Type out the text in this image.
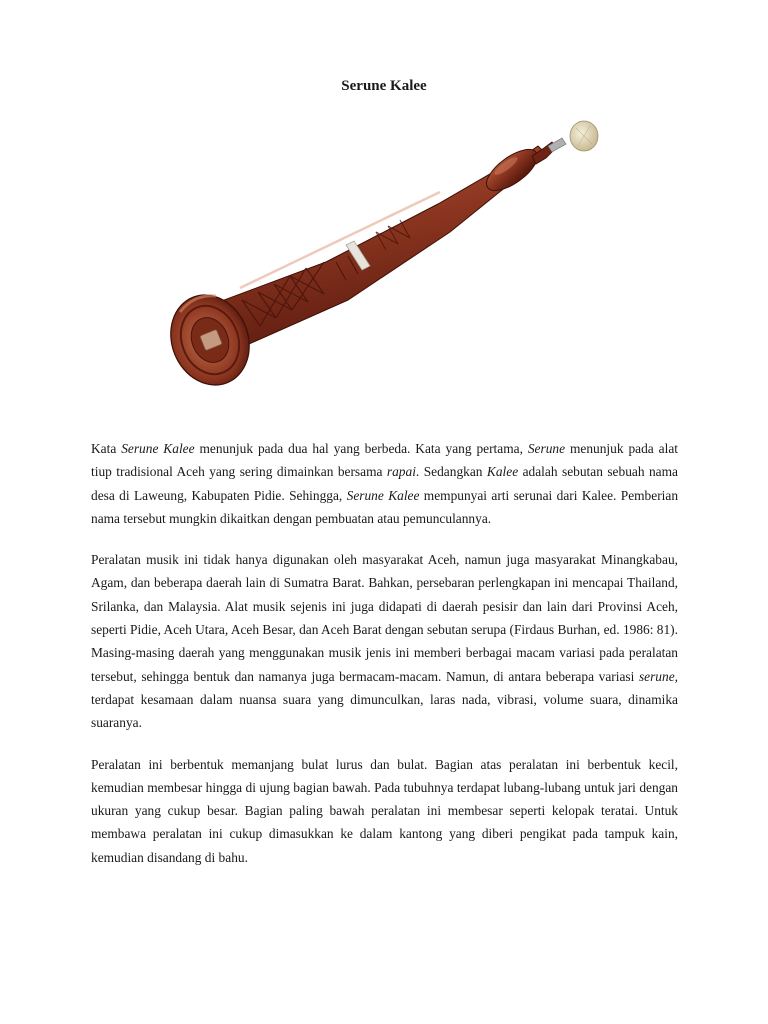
Serune Kalee

Kata Serune Kalee menunjuk pada dua hal yang berbeda. Kata yang pertama, Serune menunjuk pada alat tiup tradisional Aceh yang sering dimainkan bersama rapai. Sedangkan Kalee adalah sebutan sebuah nama desa di Laweung, Kabupaten Pidie. Sehingga, Serune Kalee mempunyai arti serunai dari Kalee. Pemberian nama tersebut mungkin dikaitkan dengan pembuatan atau pemunculannya.

Peralatan musik ini tidak hanya digunakan oleh masyarakat Aceh, namun juga masyarakat Minangkabau, Agam, dan beberapa daerah lain di Sumatra Barat. Bahkan, persebaran perlengkapan ini mencapai Thailand, Srilanka, dan Malaysia. Alat musik sejenis ini juga didapati di daerah pesisir dan lain dari Provinsi Aceh, seperti Pidie, Aceh Utara, Aceh Besar, dan Aceh Barat dengan sebutan serupa (Firdaus Burhan, ed. 1986: 81). Masing-masing daerah yang menggunakan musik jenis ini memberi berbagai macam variasi pada peralatan tersebut, sehingga bentuk dan namanya juga bermacam-macam. Namun, di antara beberapa variasi serune, terdapat kesamaan dalam nuansa suara yang dimunculkan, laras nada, vibrasi, volume suara, dinamika suaranya.

Peralatan ini berbentuk memanjang bulat lurus dan bulat. Bagian atas peralatan ini berbentuk kecil, kemudian membesar hingga di ujung bagian bawah. Pada tubuhnya terdapat lubang-lubang untuk jari dengan ukuran yang cukup besar. Bagian paling bawah peralatan ini membesar seperti kelopak teratai. Untuk membawa peralatan ini cukup dimasukkan ke dalam kantong yang diberi pengikat pada tampuk kain, kemudian disandang di bahu.
